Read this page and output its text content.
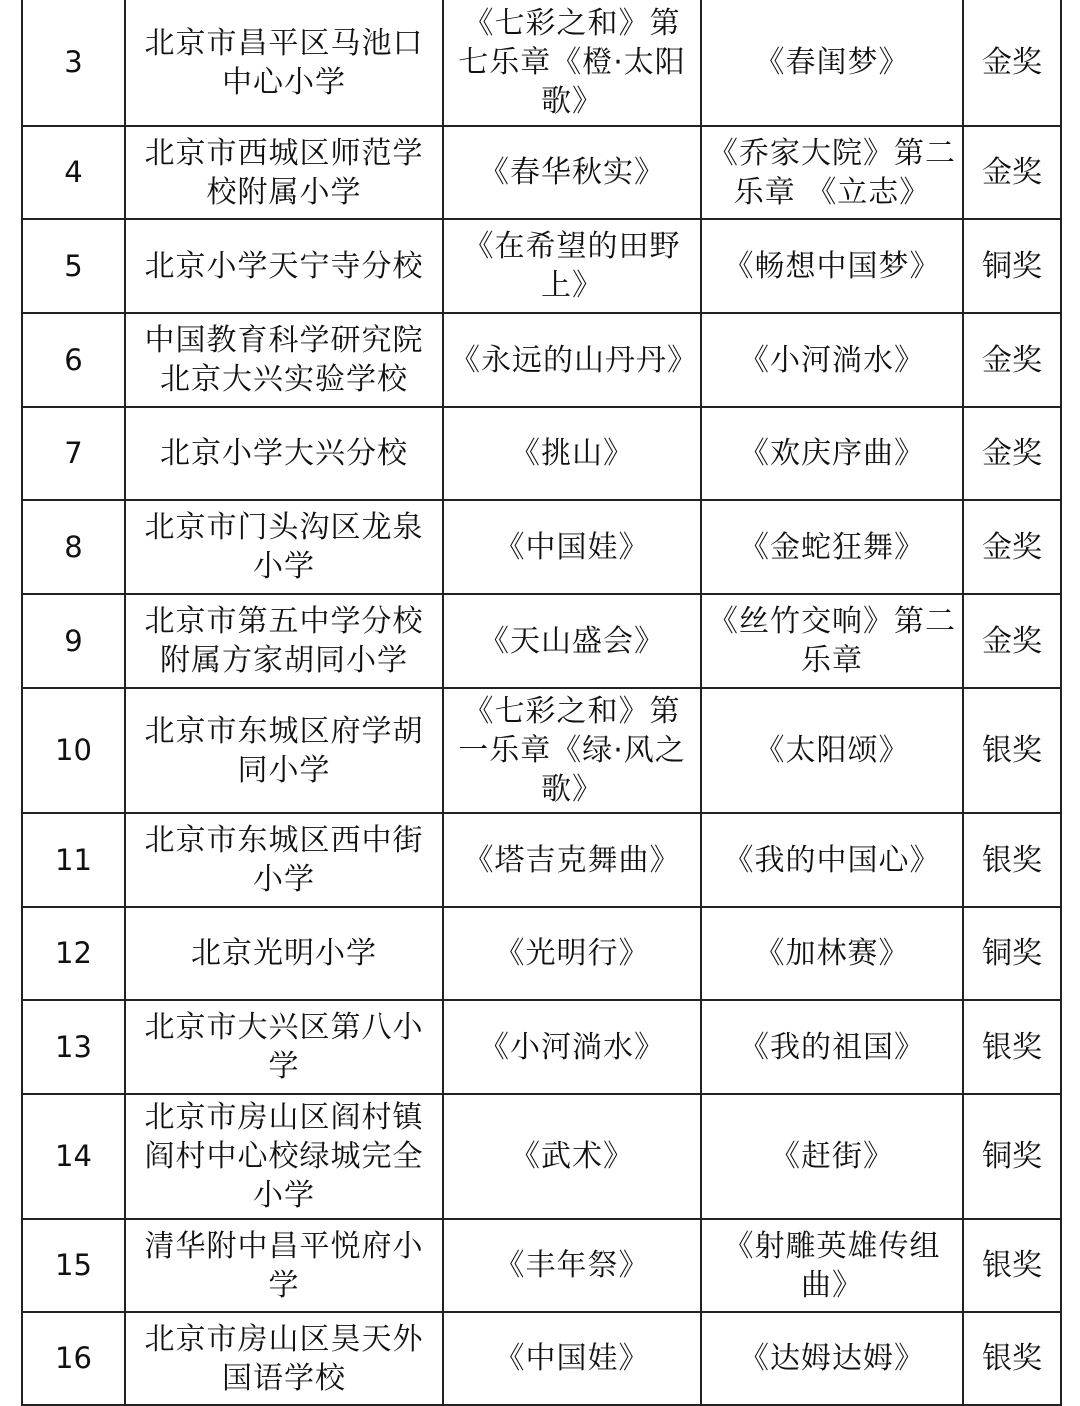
3	北京市昌平区马池口中心小学	《七彩之和》第七乐章《橙·太阳歌》	《春闺梦》	金奖
4	北京市西城区师范学校附属小学	《春华秋实》	《乔家大院》第二乐章 《立志》	金奖
5	北京小学天宁寺分校	《在希望的田野上》	《畅想中国梦》	铜奖
6	中国教育科学研究院北京大兴实验学校	《永远的山丹丹》	《小河淌水》	金奖
7	北京小学大兴分校	《挑山》	《欢庆序曲》	金奖
8	北京市门头沟区龙泉小学	《中国娃》	《金蛇狂舞》	金奖
9	北京市第五中学分校附属方家胡同小学	《天山盛会》	《丝竹交响》第二乐章	金奖
10	北京市东城区府学胡同小学	《七彩之和》第一乐章《绿·风之歌》	《太阳颂》	银奖
11	北京市东城区西中街小学	《塔吉克舞曲》	《我的中国心》	银奖
12	北京光明小学	《光明行》	《加林赛》	铜奖
13	北京市大兴区第八小学	《小河淌水》	《我的祖国》	银奖
14	北京市房山区阎村镇阎村中心校绿城完全小学	《武术》	《赶街》	铜奖
15	清华附中昌平悦府小学	《丰年祭》	《射雕英雄传组曲》	银奖
16	北京市房山区昊天外国语学校	《中国娃》	《达姆达姆》	银奖
